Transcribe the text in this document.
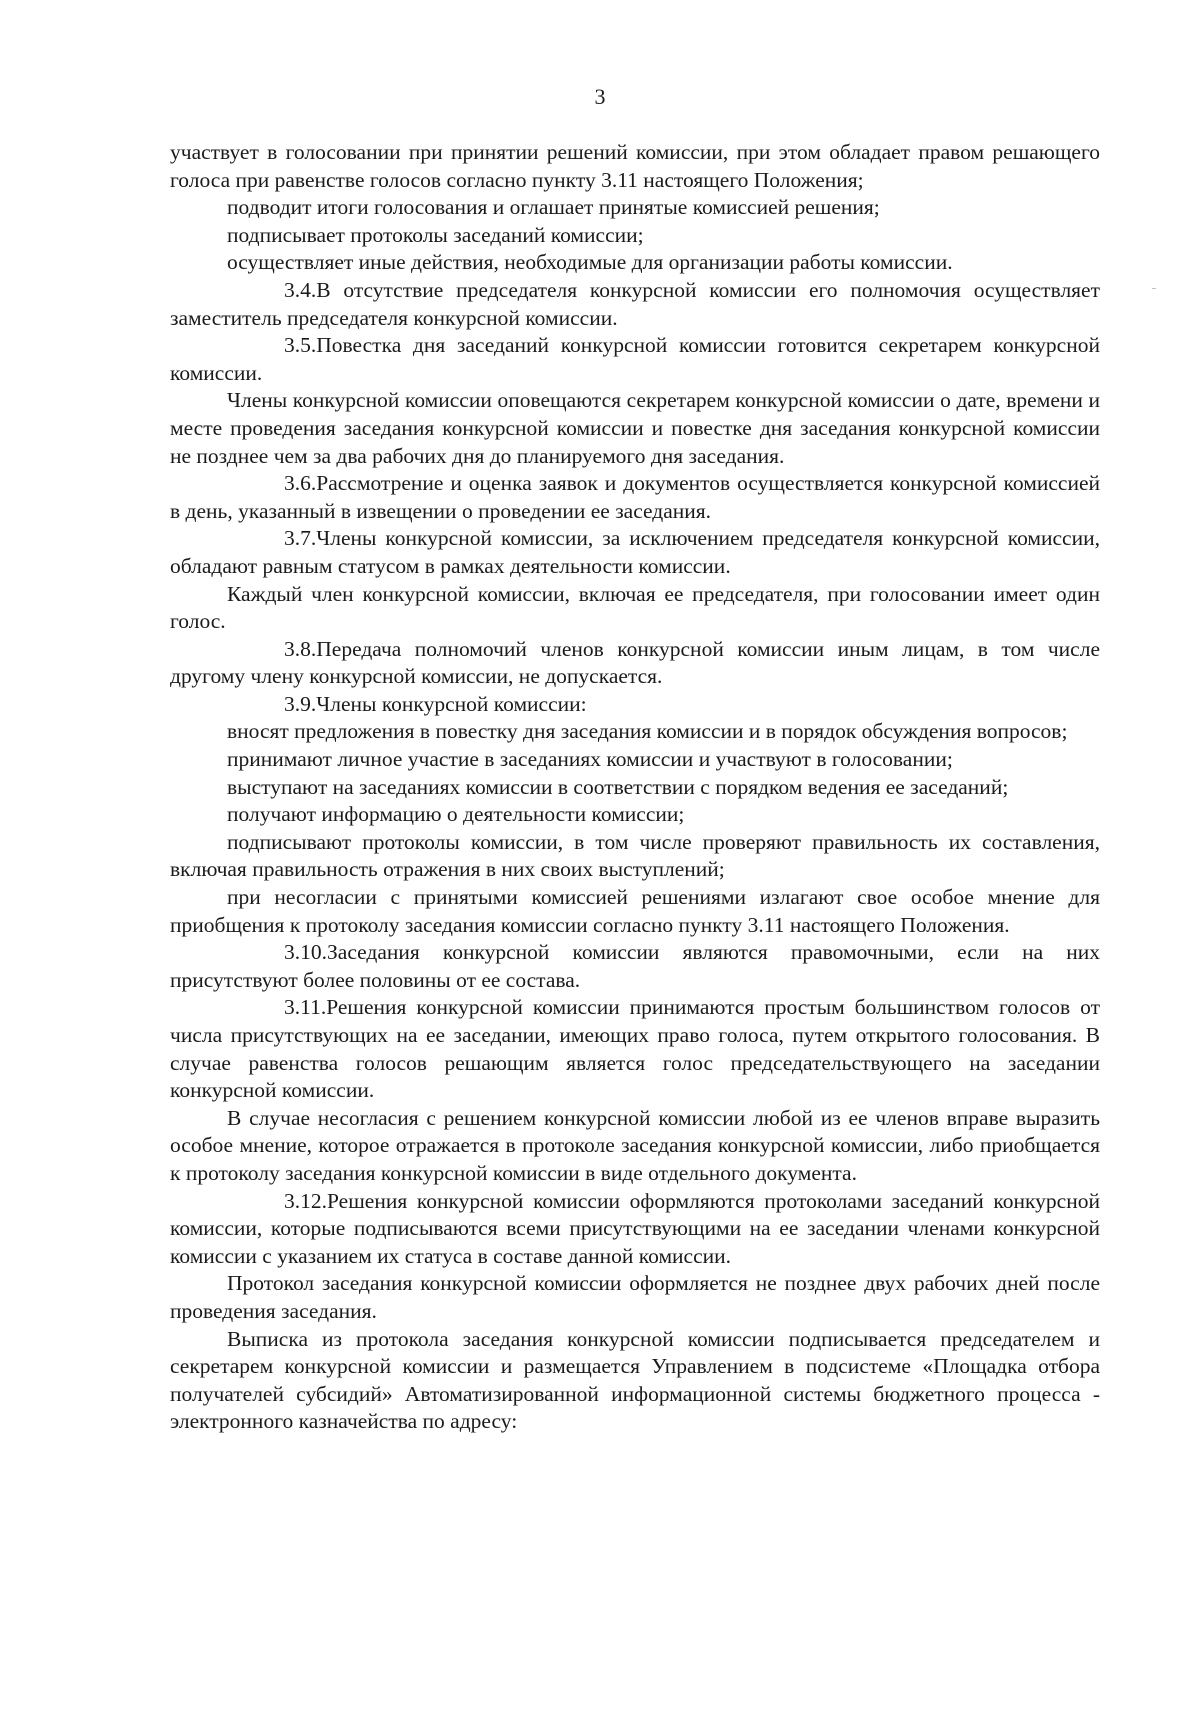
3

участвует в голосовании при принятии решений комиссии, при этом обладает правом решающего голоса при равенстве голосов согласно пункту 3.11 настоящего Положения;

подводит итоги голосования и оглашает принятые комиссией решения;

подписывает протоколы заседаний комиссии;

осуществляет иные действия, необходимые для организации работы комиссии.

3.4.В отсутствие председателя конкурсной комиссии его полномочия осуществляет заместитель председателя конкурсной комиссии.

3.5.Повестка дня заседаний конкурсной комиссии готовится секретарем конкурсной комиссии.

Члены конкурсной комиссии оповещаются секретарем конкурсной комиссии о дате, времени и месте проведения заседания конкурсной комиссии и повестке дня заседания конкурсной комиссии не позднее чем за два рабочих дня до планируемого дня заседания.

3.6.Рассмотрение и оценка заявок и документов осуществляется конкурсной комиссией в день, указанный в извещении о проведении ее заседания.

3.7.Члены конкурсной комиссии, за исключением председателя конкурсной комиссии, обладают равным статусом в рамках деятельности комиссии.

Каждый член конкурсной комиссии, включая ее председателя, при голосовании имеет один голос.

3.8.Передача полномочий членов конкурсной комиссии иным лицам, в том числе другому члену конкурсной комиссии, не допускается.

3.9.Члены конкурсной комиссии:

вносят предложения в повестку дня заседания комиссии и в порядок обсуждения вопросов;

принимают личное участие в заседаниях комиссии и участвуют в голосовании;

выступают на заседаниях комиссии в соответствии с порядком ведения ее заседаний;

получают информацию о деятельности комиссии;

подписывают протоколы комиссии, в том числе проверяют правильность их составления, включая правильность отражения в них своих выступлений;

при несогласии с принятыми комиссией решениями излагают свое особое мнение для приобщения к протоколу заседания комиссии согласно пункту 3.11 настоящего Положения.

3.10.Заседания конкурсной комиссии являются правомочными, если на них присутствуют более половины от ее состава.

3.11.Решения конкурсной комиссии принимаются простым большинством голосов от числа присутствующих на ее заседании, имеющих право голоса, путем открытого голосования. В случае равенства голосов решающим является голос председательствующего на заседании конкурсной комиссии.

В случае несогласия с решением конкурсной комиссии любой из ее членов вправе выразить особое мнение, которое отражается в протоколе заседания конкурсной комиссии, либо приобщается к протоколу заседания конкурсной комиссии в виде отдельного документа.

3.12.Решения конкурсной комиссии оформляются протоколами заседаний конкурсной комиссии, которые подписываются всеми присутствующими на ее заседании членами конкурсной комиссии с указанием их статуса в составе данной комиссии.

Протокол заседания конкурсной комиссии оформляется не позднее двух рабочих дней после проведения заседания.

Выписка из протокола заседания конкурсной комиссии подписывается председателем и секретарем конкурсной комиссии и размещается Управлением в подсистеме «Площадка отбора получателей субсидий» Автоматизированной информационной системы бюджетного процесса - электронного казначейства по адресу:
